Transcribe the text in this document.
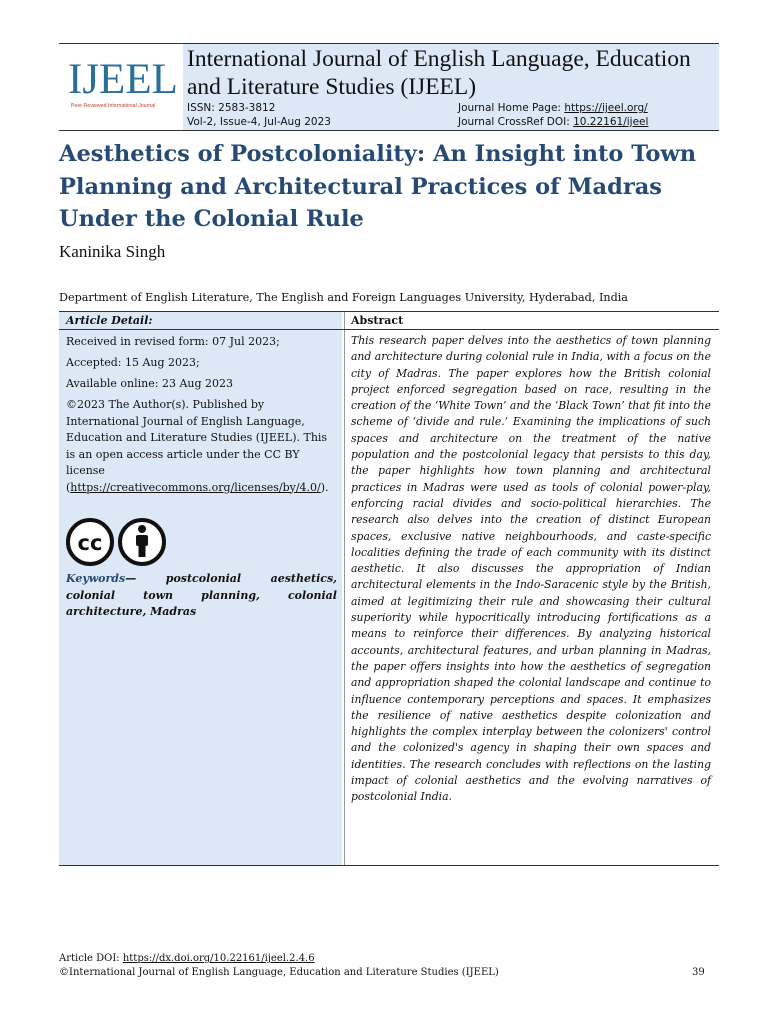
IJEEL
Peer-Reviewed International Journal
International Journal of English Language, Education and Literature Studies (IJEEL)
ISSN: 2583-3812
Vol-2, Issue-4, Jul-Aug 2023
Journal Home Page: https://ijeel.org/
Journal CrossRef DOI: 10.22161/ijeel
Aesthetics of Postcoloniality: An Insight into Town Planning and Architectural Practices of Madras Under the Colonial Rule
Kaninika Singh
Department of English Literature, The English and Foreign Languages University, Hyderabad, India
Article Detail:	Abstract
Received in revised form: 07 Jul 2023;
Accepted: 15 Aug 2023;
Available online: 23 Aug 2023
©2023 The Author(s). Published by International Journal of English Language, Education and Literature Studies (IJEEL). This is an open access article under the CC BY license (https://creativecommons.org/licenses/by/4.0/).
cc
Keywords—	postcolonial aesthetics, colonial town planning, colonial architecture, Madras
This research paper delves into the aesthetics of town planning and architecture during colonial rule in India, with a focus on the city of Madras. The paper explores how the British colonial project enforced segregation based on race, resulting in the creation of the ‘White Town’ and the ‘Black Town’ that fit into the scheme of ‘divide and rule.’ Examining the implications of such spaces and architecture on the treatment of the native population and the postcolonial legacy that persists to this day, the paper highlights how town planning and architectural practices in Madras were used as tools of colonial power-play, enforcing racial divides and socio-political hierarchies. The research also delves into the creation of distinct European spaces, exclusive native neighbourhoods, and caste-specific localities defining the trade of each community with its distinct aesthetic. It also discusses the appropriation of Indian architectural elements in the Indo-Saracenic style by the British, aimed at legitimizing their rule and showcasing their cultural superiority while hypocritically introducing fortifications as a means to reinforce their differences. By analyzing historical accounts, architectural features, and urban planning in Madras, the paper offers insights into how the aesthetics of segregation and appropriation shaped the colonial landscape and continue to influence contemporary perceptions and spaces. It emphasizes the resilience of native aesthetics despite colonization and highlights the complex interplay between the colonizers' control and the colonized's agency in shaping their own spaces and identities. The research concludes with reflections on the lasting impact of colonial aesthetics and the evolving narratives of postcolonial India.
Article DOI: https://dx.doi.org/10.22161/ijeel.2.4.6
©International Journal of English Language, Education and Literature Studies (IJEEL)	39
